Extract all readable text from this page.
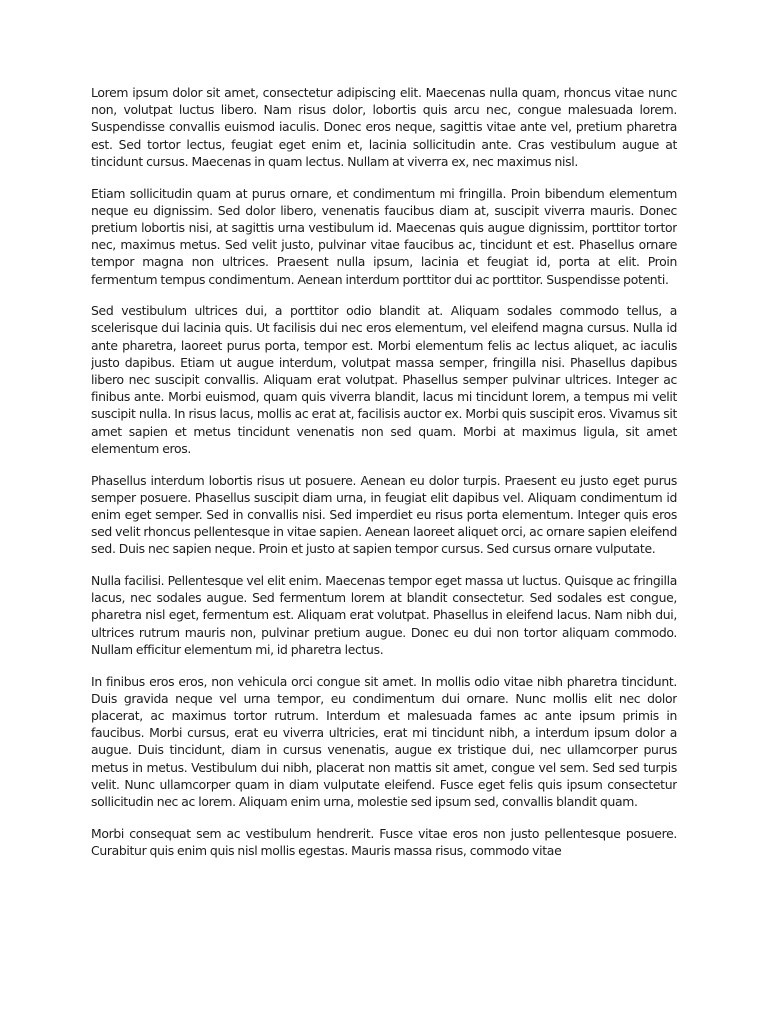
Lorem ipsum dolor sit amet, consectetur adipiscing elit. Maecenas nulla quam, rhoncus vitae nunc non, volutpat luctus libero. Nam risus dolor, lobortis quis arcu nec, congue malesuada lorem. Suspendisse convallis euismod iaculis. Donec eros neque, sagittis vitae ante vel, pretium pharetra est. Sed tortor lectus, feugiat eget enim et, lacinia sollicitudin ante. Cras vestibulum augue at tincidunt cursus. Maecenas in quam lectus. Nullam at viverra ex, nec maximus nisl.

Etiam sollicitudin quam at purus ornare, et condimentum mi fringilla. Proin bibendum elementum neque eu dignissim. Sed dolor libero, venenatis faucibus diam at, suscipit viverra mauris. Donec pretium lobortis nisi, at sagittis urna vestibulum id. Maecenas quis augue dignissim, porttitor tortor nec, maximus metus. Sed velit justo, pulvinar vitae faucibus ac, tincidunt et est. Phasellus ornare tempor magna non ultrices. Praesent nulla ipsum, lacinia et feugiat id, porta at elit. Proin fermentum tempus condimentum. Aenean interdum porttitor dui ac porttitor. Suspendisse potenti.

Sed vestibulum ultrices dui, a porttitor odio blandit at. Aliquam sodales commodo tellus, a scelerisque dui lacinia quis. Ut facilisis dui nec eros elementum, vel eleifend magna cursus. Nulla id ante pharetra, laoreet purus porta, tempor est. Morbi elementum felis ac lectus aliquet, ac iaculis justo dapibus. Etiam ut augue interdum, volutpat massa semper, fringilla nisi. Phasellus dapibus libero nec suscipit convallis. Aliquam erat volutpat. Phasellus semper pulvinar ultrices. Integer ac finibus ante. Morbi euismod, quam quis viverra blandit, lacus mi tincidunt lorem, a tempus mi velit suscipit nulla. In risus lacus, mollis ac erat at, facilisis auctor ex. Morbi quis suscipit eros. Vivamus sit amet sapien et metus tincidunt venenatis non sed quam. Morbi at maximus ligula, sit amet elementum eros.

Phasellus interdum lobortis risus ut posuere. Aenean eu dolor turpis. Praesent eu justo eget purus semper posuere. Phasellus suscipit diam urna, in feugiat elit dapibus vel. Aliquam condimentum id enim eget semper. Sed in convallis nisi. Sed imperdiet eu risus porta elementum. Integer quis eros sed velit rhoncus pellentesque in vitae sapien. Aenean laoreet aliquet orci, ac ornare sapien eleifend sed. Duis nec sapien neque. Proin et justo at sapien tempor cursus. Sed cursus ornare vulputate.

Nulla facilisi. Pellentesque vel elit enim. Maecenas tempor eget massa ut luctus. Quisque ac fringilla lacus, nec sodales augue. Sed fermentum lorem at blandit consectetur. Sed sodales est congue, pharetra nisl eget, fermentum est. Aliquam erat volutpat. Phasellus in eleifend lacus. Nam nibh dui, ultrices rutrum mauris non, pulvinar pretium augue. Donec eu dui non tortor aliquam commodo. Nullam efficitur elementum mi, id pharetra lectus.

In finibus eros eros, non vehicula orci congue sit amet. In mollis odio vitae nibh pharetra tincidunt. Duis gravida neque vel urna tempor, eu condimentum dui ornare. Nunc mollis elit nec dolor placerat, ac maximus tortor rutrum. Interdum et malesuada fames ac ante ipsum primis in faucibus. Morbi cursus, erat eu viverra ultricies, erat mi tincidunt nibh, a interdum ipsum dolor a augue. Duis tincidunt, diam in cursus venenatis, augue ex tristique dui, nec ullamcorper purus metus in metus. Vestibulum dui nibh, placerat non mattis sit amet, congue vel sem. Sed sed turpis velit. Nunc ullamcorper quam in diam vulputate eleifend. Fusce eget felis quis ipsum consectetur sollicitudin nec ac lorem. Aliquam enim urna, molestie sed ipsum sed, convallis blandit quam.

Morbi consequat sem ac vestibulum hendrerit. Fusce vitae eros non justo pellentesque posuere. Curabitur quis enim quis nisl mollis egestas. Mauris massa risus, commodo vitae
